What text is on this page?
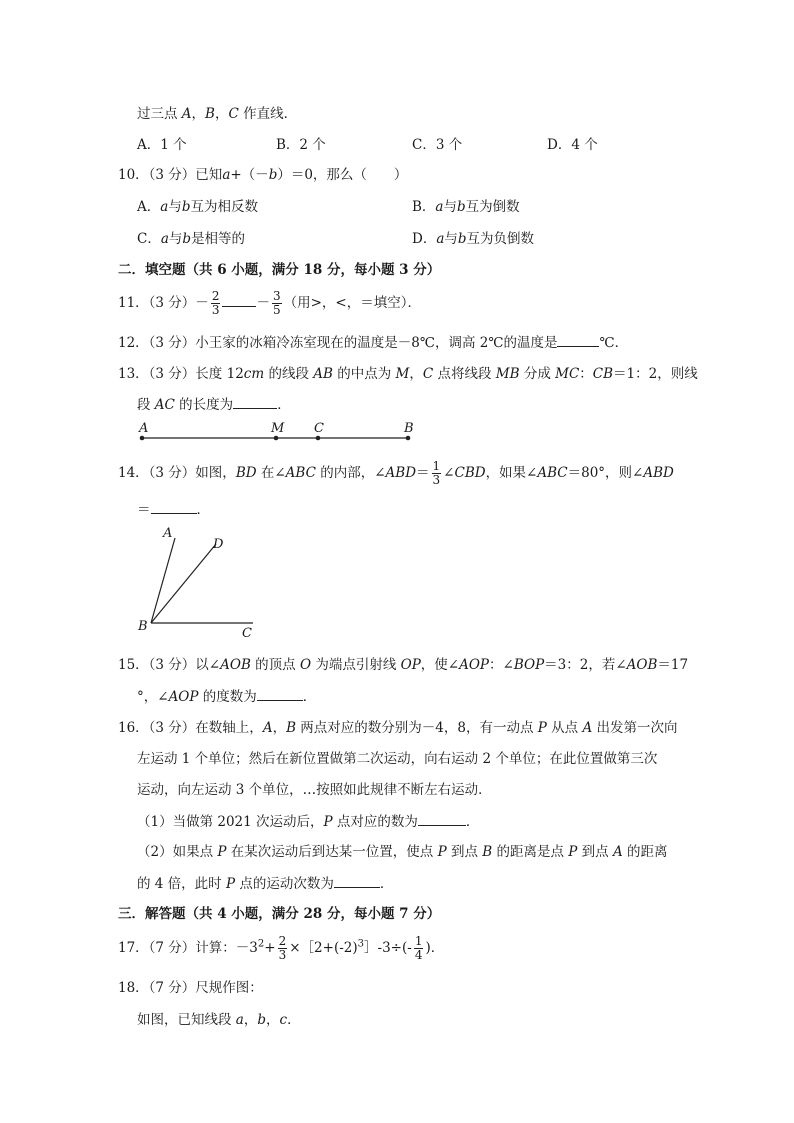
过三点 A，B，C 作直线．
A．1 个	B．2 个	C．3 个	D．4 个
10．（3 分）已知a+（－b）＝0，那么（　　）
A．a与b互为相反数	B．a与b互为倒数
C．a与b是相等的	D．a与b互为负倒数
二．填空题（共 6 小题，满分 18 分，每小题 3 分）
11．（3 分）－ $\frac{2}{3}$	－ $\frac{3}{5}$ （用>，<，＝填空）．
12．（3 分）小王家的冰箱冷冻室现在的温度是－8℃，调高 2℃的温度是	℃．
13．（3 分）长度 12cm 的线段 AB 的中点为 M，C 点将线段 MB 分成 MC：CB＝1：2，则线
段 AC 的长度为	．
A	M C	B
14．（3 分）如图，BD 在∠ABC 的内部，∠ABD＝ $\frac{1}{3}$ ∠CBD，如果∠ABC＝80°，则∠ABD
＝	．
A
D
B	C
15．（3 分）以∠AOB 的顶点 O 为端点引射线 OP，使∠AOP：∠BOP＝3：2，若∠AOB＝17
°，∠AOP 的度数为	．
16．（3 分）在数轴上，A，B 两点对应的数分别为－4，8，有一动点 P 从点 A 出发第一次向
左运动 1 个单位；然后在新位置做第二次运动，向右运动 2 个单位；在此位置做第三次
运动，向左运动 3 个单位，…按照如此规律不断左右运动．
（1）当做第 2021 次运动后，P 点对应的数为	．
（2）如果点 P 在某次运动后到达某一位置，使点 P 到点 B 的距离是点 P 到点 A 的距离
的 4 倍，此时 P 点的运动次数为	．
三．解答题（共 4 小题，满分 28 分，每小题 7 分）
17．（7 分）计算：$-3^2+ \frac{2}{3}$ $\times[2+(-2)^3]-3\div(- \frac{1}{4}$ )．
18．（7 分）尺规作图：
如图，已知线段 a，b，c．
